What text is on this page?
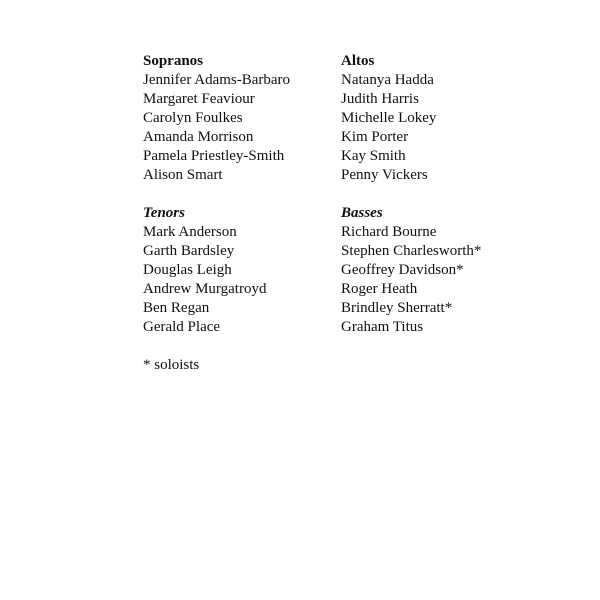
Sopranos
Jennifer Adams-Barbaro
Margaret Feaviour
Carolyn Foulkes
Amanda Morrison
Pamela Priestley-Smith
Alison Smart
Altos
Natanya Hadda
Judith Harris
Michelle Lokey
Kim Porter
Kay Smith
Penny Vickers
Tenors
Mark Anderson
Garth Bardsley
Douglas Leigh
Andrew Murgatroyd
Ben Regan
Gerald Place
Basses
Richard Bourne
Stephen Charlesworth*
Geoffrey Davidson*
Roger Heath
Brindley Sherratt*
Graham Titus
* soloists
